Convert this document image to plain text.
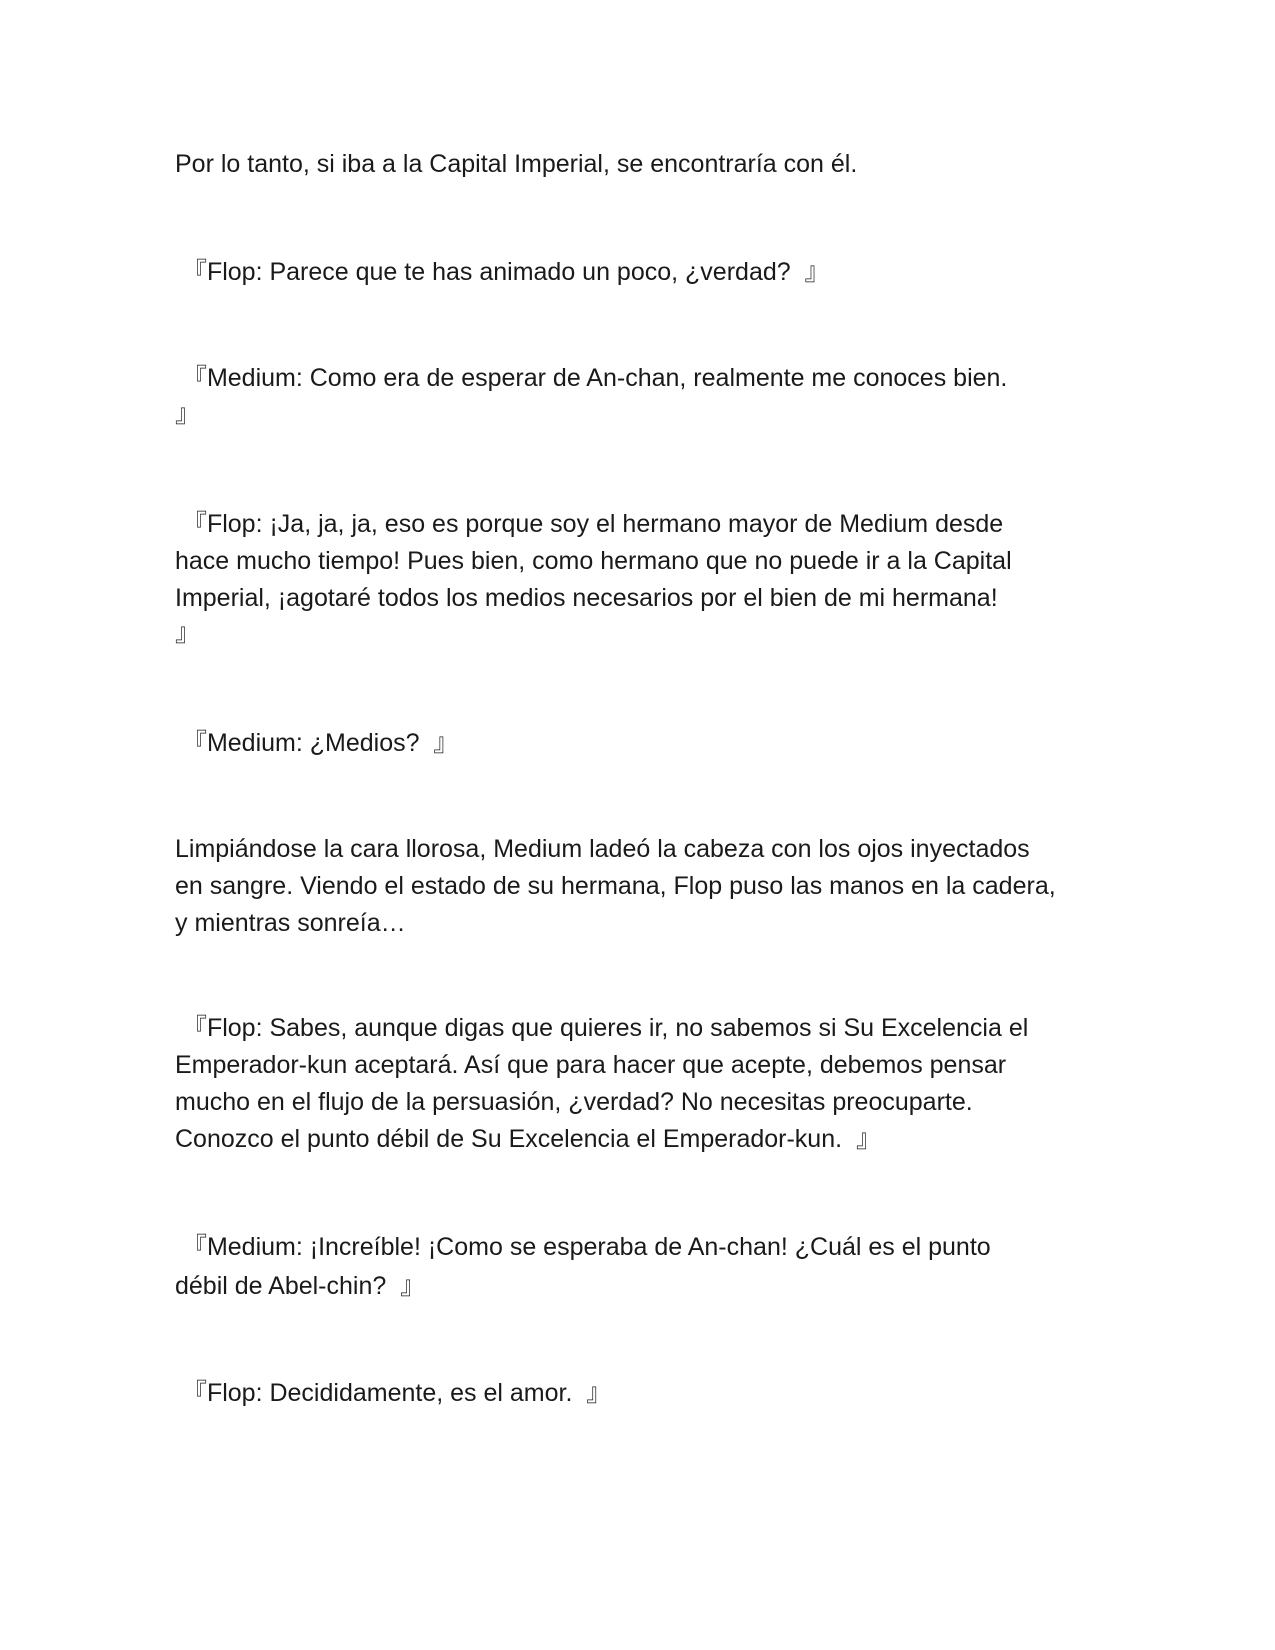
Por lo tanto, si iba a la Capital Imperial, se encontraría con él.

『Flop: Parece que te has animado un poco, ¿verdad?  』

『Medium: Como era de esperar de An-chan, realmente me conoces bien.

』

『Flop: ¡Ja, ja, ja, eso es porque soy el hermano mayor de Medium desde

hace mucho tiempo! Pues bien, como hermano que no puede ir a la Capital

Imperial, ¡agotaré todos los medios necesarios por el bien de mi hermana!

』

『Medium: ¿Medios?  』

Limpiándose la cara llorosa, Medium ladeó la cabeza con los ojos inyectados

en sangre. Viendo el estado de su hermana, Flop puso las manos en la cadera,

y mientras sonreía…

『Flop: Sabes, aunque digas que quieres ir, no sabemos si Su Excelencia el

Emperador-kun aceptará. Así que para hacer que acepte, debemos pensar

mucho en el flujo de la persuasión, ¿verdad? No necesitas preocuparte.

Conozco el punto débil de Su Excelencia el Emperador-kun.  』

『Medium: ¡Increíble! ¡Como se esperaba de An-chan! ¿Cuál es el punto

débil de Abel-chin?  』

『Flop: Decididamente, es el amor.  』
